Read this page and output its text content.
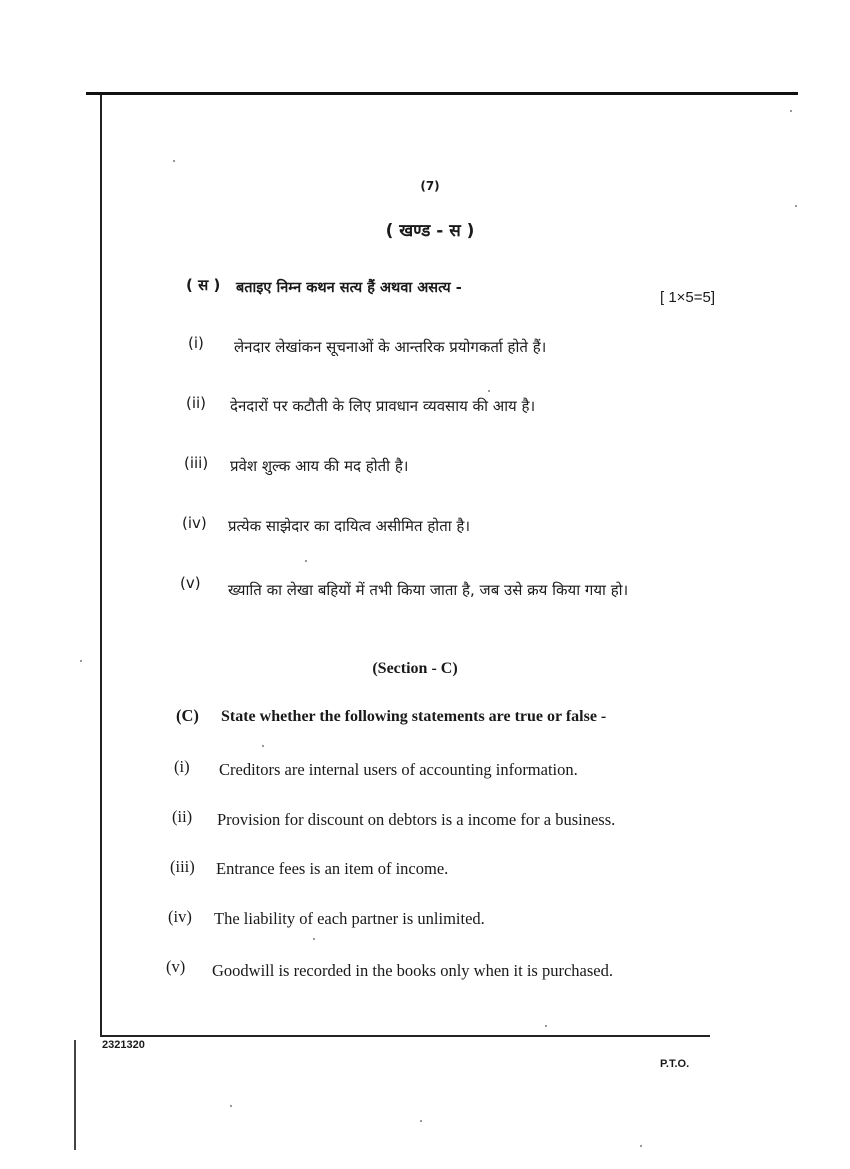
(7)
( खण्ड - स )
( स ) बताइए निम्न कथन सत्य हैं अथवा असत्य -
[ 1×5=5]
(i) लेनदार लेखांकन सूचनाओं के आन्तरिक प्रयोगकर्ता होते हैं।
(ii) देनदारों पर कटौती के लिए प्रावधान व्यवसाय की आय है।
(iii) प्रवेश शुल्क आय की मद होती है।
(iv) प्रत्येक साझेदार का दायित्व असीमित होता है।
(v) ख्याति का लेखा बहियों में तभी किया जाता है, जब उसे क्रय किया गया हो।
(Section - C)
(C) State whether the following statements are true or false -
(i) Creditors are internal users of accounting information.
(ii) Provision for discount on debtors is a income for a business.
(iii) Entrance fees is an item of income.
(iv) The liability of each partner is unlimited.
(v) Goodwill is recorded in the books only when it is purchased.
2321320
P.T.O.
